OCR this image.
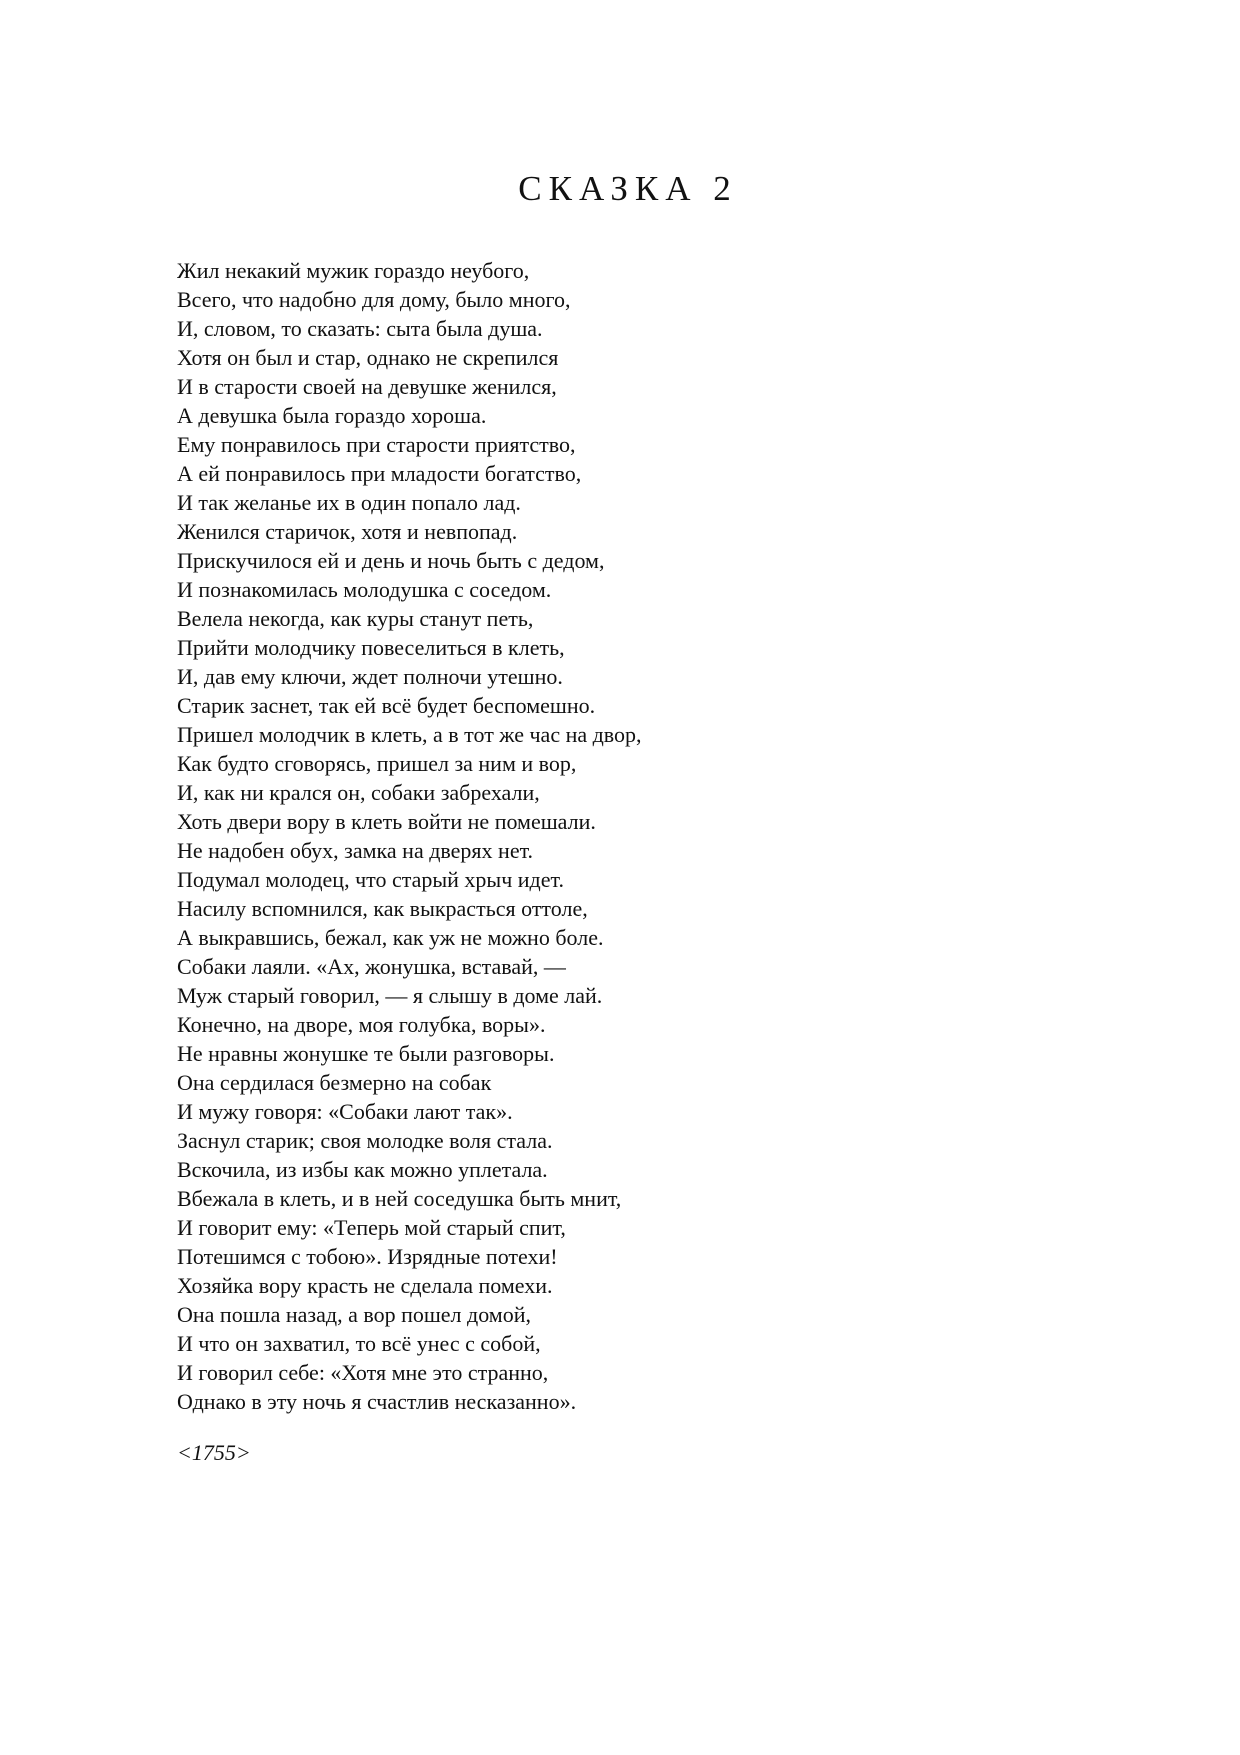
СКАЗКА 2
Жил некакий мужик гораздо неубого,
Всего, что надобно для дому, было много,
И, словом, то сказать: сыта была душа.
Хотя он был и стар, однако не скрепился
И в старости своей на девушке женился,
А девушка была гораздо хороша.
Ему понравилось при старости приятство,
А ей понравилось при младости богатство,
И так желанье их в один попало лад.
Женился старичок, хотя и невпопад.
Прискучилося ей и день и ночь быть с дедом,
И познакомилась молодушка с соседом.
Велела некогда, как куры станут петь,
Прийти молодчику повеселиться в клеть,
И, дав ему ключи, ждет полночи утешно.
Старик заснет, так ей всё будет беспомешно.
Пришел молодчик в клеть, а в тот же час на двор,
Как будто сговорясь, пришел за ним и вор,
И, как ни крался он, собаки забрехали,
Хоть двери вору в клеть войти не помешали.
Не надобен обух, замка на дверях нет.
Подумал молодец, что старый хрыч идет.
Насилу вспомнился, как выкрасться оттоле,
А выкравшись, бежал, как уж не можно боле.
Собаки лаяли. «Ах, жонушка, вставай, —
Муж старый говорил, — я слышу в доме лай.
Конечно, на дворе, моя голубка, воры».
Не нравны жонушке те были разговоры.
Она сердилася безмерно на собак
И мужу говоря: «Собаки лают так».
Заснул старик; своя молодке воля стала.
Вскочила, из избы как можно уплетала.
Вбежала в клеть, и в ней соседушка быть мнит,
И говорит ему: «Теперь мой старый спит,
Потешимся с тобою». Изрядные потехи!
Хозяйка вору красть не сделала помехи.
Она пошла назад, а вор пошел домой,
И что он захватил, то всё унес с собой,
И говорил себе: «Хотя мне это странно,
Однако в эту ночь я счастлив несказанно».
<1755>
